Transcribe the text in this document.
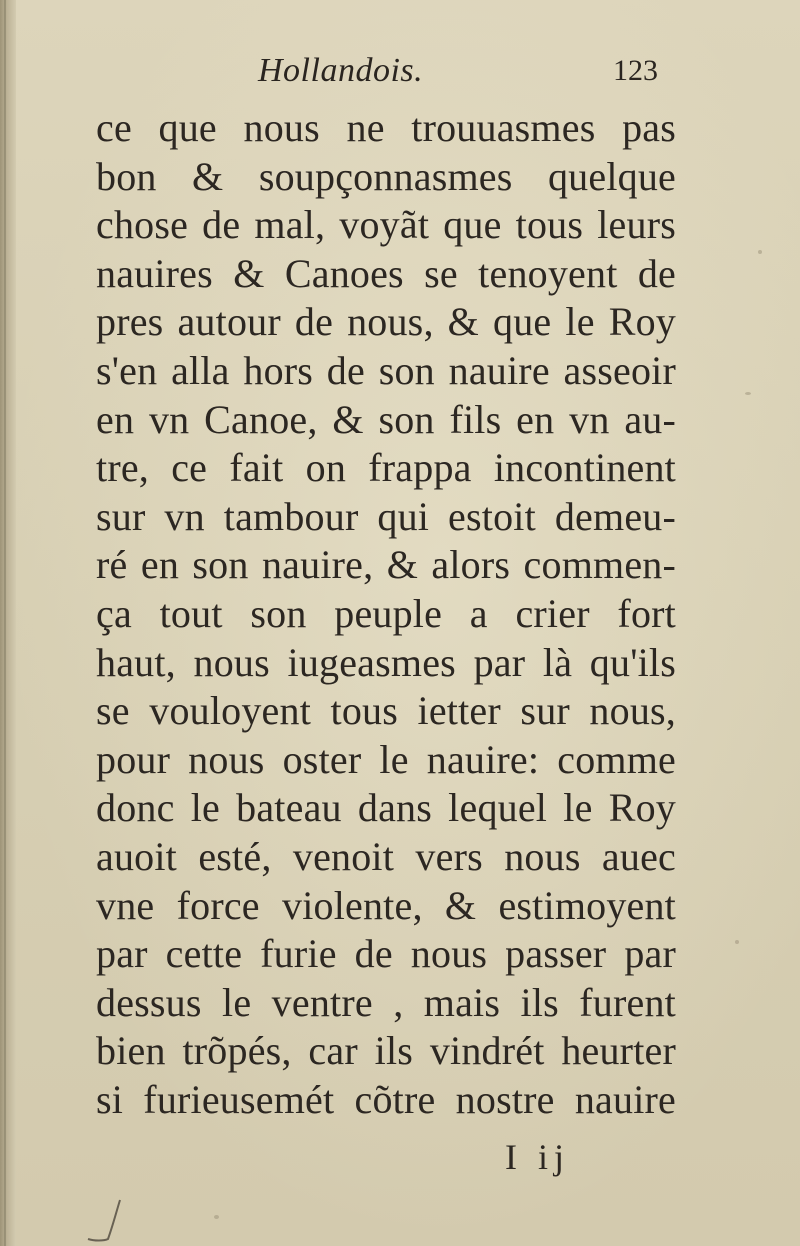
Hollandois.	123
ce que nous ne trouuasmes pas
bon & soupçonnasmes quelque
chose de mal, voyãt que tous leurs
nauires & Canoes se tenoyent de
pres autour de nous, & que le Roy
s'en alla hors de son nauire asseoir
en vn Canoe, & son fils en vn au-
tre, ce fait on frappa incontinent
sur vn tambour qui estoit demeu-
ré en son nauire, & alors commen-
ça tout son peuple a crier fort
haut, nous iugeasmes par là qu'ils
se vouloyent tous ietter sur nous,
pour nous oster le nauire: comme
donc le bateau dans lequel le Roy
auoit esté, venoit vers nous auec
vne force violente, & estimoyent
par cette furie de nous passer par
dessus le ventre , mais ils furent
bien trõpés, car ils vindrét heurter
si furieusemét cõtre nostre nauire
I ij
